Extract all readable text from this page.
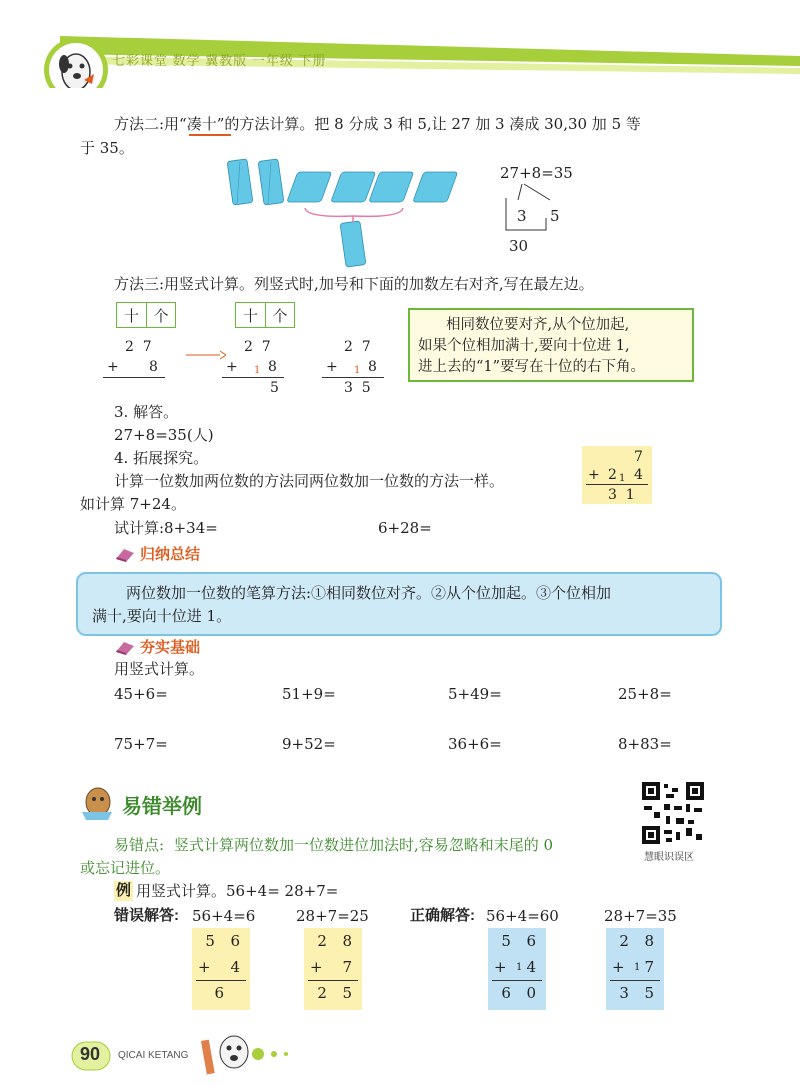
七彩课堂 数学 冀教版 一年级 下册
方法二:用“凑十”的方法计算。把 8 分成 3 和 5,让 27 加 3 凑成 30,30 加 5 等
于 35。
27+8=35
3 5
30
方法三:用竖式计算。列竖式时,加号和下面的加数左右对齐,写在最左边。
十 个	十 个
2  7
+ 8
2  7
+ 1 8
5
2  7
+ 1 8
3  5
相同数位要对齐,从个位加起,
如果个位相加满十,要向十位进 1,
进上去的“1”要写在十位的右下角。
3. 解答。
27+8=35(人)
4. 拓展探究。
计算一位数加两位数的方法同两位数加一位数的方法一样。
如计算 7+24。
7
+ 2 1 4
3  1
试计算:8+34=	6+28=
归纳总结
两位数加一位数的笔算方法:①相同数位对齐。②从个位加起。③个位相加
满十,要向十位进 1。
夯实基础
用竖式计算。
45+6=	51+9=	5+49=	25+8=
75+7=	9+52=	36+6=	8+83=
易错举例
慧眼识误区
易错点: 竖式计算两位数加一位数进位加法时,容易忽略和末尾的 0
或忘记进位。
例 用竖式计算。56+4= 28+7=
错误解答: 56+4=6	28+7=25	正确解答: 56+4=60	28+7=35
5  6
+ 4
6
2  8
+ 7
2  5
5  6
+ 1 4
6  0
2  8
+ 1 7
3  5
90 QICAI KETANG
